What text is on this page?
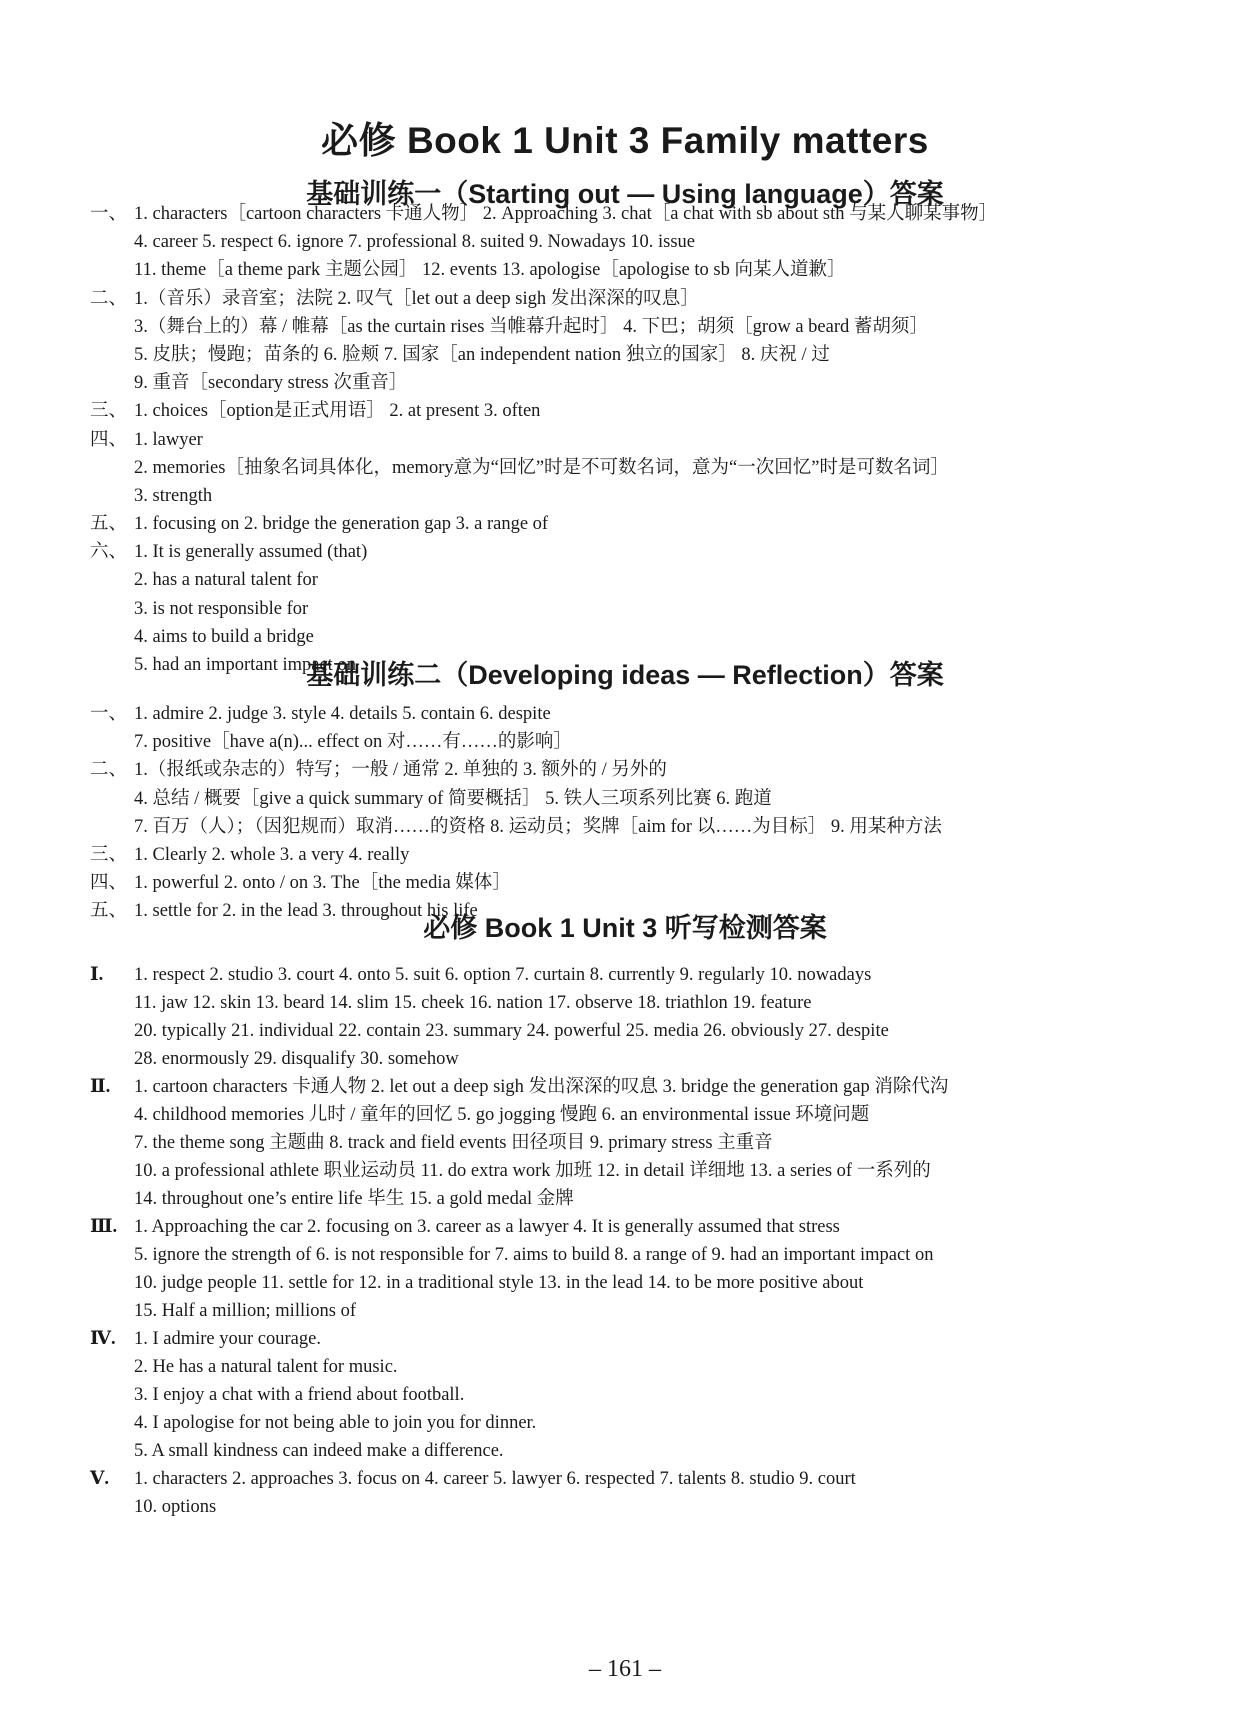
必修 Book 1 Unit 3 Family matters
基础训练一（Starting out — Using language）答案
一、 1. characters［cartoon characters 卡通人物］ 2. Approaching 3. chat［a chat with sb about sth 与某人聊某事物］
4. career 5. respect 6. ignore 7. professional 8. suited 9. Nowadays 10. issue
11. theme［a theme park 主题公园］ 12. events 13. apologise［apologise to sb 向某人道歉］
二、 1.（音乐）录音室；法院 2. 叹气［let out a deep sigh 发出深深的叹息］
3.（舞台上的）幕 / 帷幕［as the curtain rises 当帷幕升起时］ 4. 下巴；胡须［grow a beard 蓄胡须］
5. 皮肤；慢跑；苗条的 6. 脸颊 7. 国家［an independent nation 独立的国家］ 8. 庆祝 / 过
9. 重音［secondary stress 次重音］
三、 1. choices［option是正式用语］ 2. at present 3. often
四、 1. lawyer
2. memories［抽象名词具体化，memory意为“回忆”时是不可数名词，意为“一次回忆”时是可数名词］
3. strength
五、 1. focusing on 2. bridge the generation gap 3. a range of
六、 1. It is generally assumed (that)
2. has a natural talent for
3. is not responsible for
4. aims to build a bridge
5. had an important impact on
基础训练二（Developing ideas — Reflection）答案
一、 1. admire 2. judge 3. style 4. details 5. contain 6. despite
7. positive［have a(n)... effect on 对……有……的影响］
二、 1.（报纸或杂志的）特写；一般 / 通常 2. 单独的 3. 额外的 / 另外的
4. 总结 / 概要［give a quick summary of 简要概括］ 5. 铁人三项系列比赛 6. 跑道
7. 百万（人）；（因犯规而）取消……的资格 8. 运动员；奖牌［aim for 以……为目标］ 9. 用某种方法
三、 1. Clearly 2. whole 3. a very 4. really
四、 1. powerful 2. onto / on 3. The［the media 媒体］
五、 1. settle for 2. in the lead 3. throughout his life
必修 Book 1 Unit 3 听写检测答案
Ⅰ.	1. respect 2. studio 3. court 4. onto 5. suit 6. option 7. curtain 8. currently 9. regularly 10. nowadays
11. jaw 12. skin 13. beard 14. slim 15. cheek 16. nation 17. observe 18. triathlon 19. feature
20. typically 21. individual 22. contain 23. summary 24. powerful 25. media 26. obviously 27. despite
28. enormously 29. disqualify 30. somehow
Ⅱ.	1. cartoon characters 卡通人物 2. let out a deep sigh 发出深深的叹息 3. bridge the generation gap 消除代沟
4. childhood memories 儿时 / 童年的回忆 5. go jogging 慢跑 6. an environmental issue 环境问题
7. the theme song 主题曲 8. track and field events 田径项目 9. primary stress 主重音
10. a professional athlete 职业运动员 11. do extra work 加班 12. in detail 详细地 13. a series of 一系列的
14. throughout one’s entire life 毕生 15. a gold medal 金牌
Ⅲ. 1. Approaching the car 2. focusing on 3. career as a lawyer 4. It is generally assumed that stress
5. ignore the strength of 6. is not responsible for 7. aims to build 8. a range of 9. had an important impact on
10. judge people 11. settle for 12. in a traditional style 13. in the lead 14. to be more positive about
15. Half a million; millions of
Ⅳ. 1. I admire your courage.
2. He has a natural talent for music.
3. I enjoy a chat with a friend about football.
4. I apologise for not being able to join you for dinner.
5. A small kindness can indeed make a difference.
Ⅴ.	1. characters 2. approaches 3. focus on 4. career 5. lawyer 6. respected 7. talents 8. studio 9. court
10. options
– 161 –
